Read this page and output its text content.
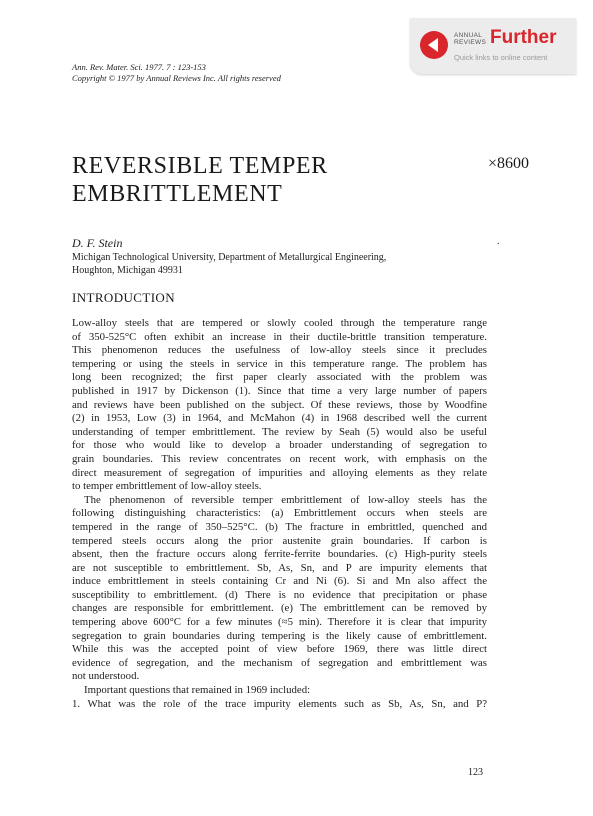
Ann. Rev. Mater. Sci. 1977. 7 : 123-153
Copyright © 1977 by Annual Reviews Inc. All rights reserved
ANNUAL
REVIEWS Further
Quick links to online content
REVERSIBLE TEMPER
EMBRITTLEMENT
×8600
.
D. F. Stein
Michigan Technological University, Department of Metallurgical Engineering,
Houghton, Michigan 49931
INTRODUCTION
Low-alloy steels that are tempered or slowly cooled through the temperature range
of 350-525°C often exhibit an increase in their ductile-brittle transition temperature.
This phenomenon reduces the usefulness of low-alloy steels since it precludes
tempering or using the steels in service in this temperature range. The problem has
long been recognized; the first paper clearly associated with the problem was
published in 1917 by Dickenson (1). Since that time a very large number of papers
and reviews have been published on the subject. Of these reviews, those by Woodfine
(2) in 1953, Low (3) in 1964, and McMahon (4) in 1968 described well the current
understanding of temper embrittlement. The review by Seah (5) would also be useful
for those who would like to develop a broader understanding of segregation to
grain boundaries. This review concentrates on recent work, with emphasis on the
direct measurement of segregation of impurities and alloying elements as they relate
to temper embrittlement of low-alloy steels.
The phenomenon of reversible temper embrittlement of low-alloy steels has the
following distinguishing characteristics: (a) Embrittlement occurs when steels are
tempered in the range of 350–525°C. (b) The fracture in embrittled, quenched and
tempered steels occurs along the prior austenite grain boundaries. If carbon is
absent, then the fracture occurs along ferrite-ferrite boundaries. (c) High-purity steels
are not susceptible to embrittlement. Sb, As, Sn, and P are impurity elements that
induce embrittlement in steels containing Cr and Ni (6). Si and Mn also affect the
susceptibility to embrittlement. (d) There is no evidence that precipitation or phase
changes are responsible for embrittlement. (e) The embrittlement can be removed by
tempering above 600°C for a few minutes (≈5 min). Therefore it is clear that impurity
segregation to grain boundaries during tempering is the likely cause of embrittlement.
While this was the accepted point of view before 1969, there was little direct
evidence of segregation, and the mechanism of segregation and embrittlement was
not understood.
Important questions that remained in 1969 included:
1. What was the role of the trace impurity elements such as Sb, As, Sn, and P?
123
